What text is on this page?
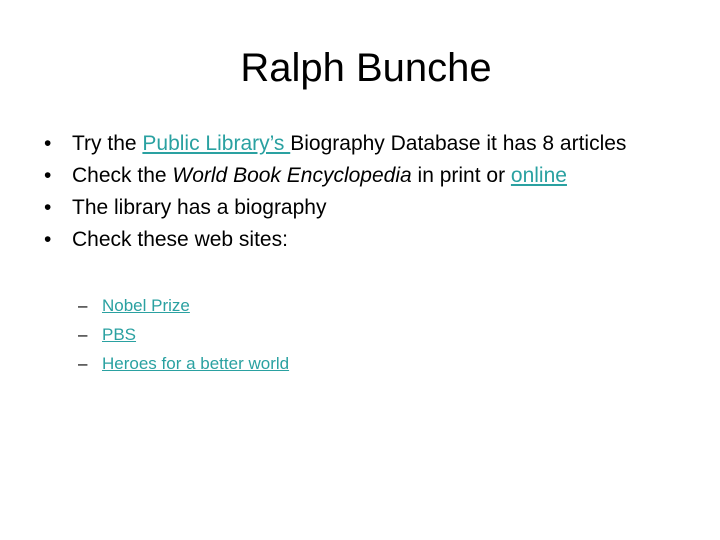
Ralph Bunche
• Try the Public Library’s Biography Database it has 8 articles
• Check the World Book Encyclopedia in print or online
• The library has a biography
• Check these web sites:
– Nobel Prize
– PBS
– Heroes for a better world
